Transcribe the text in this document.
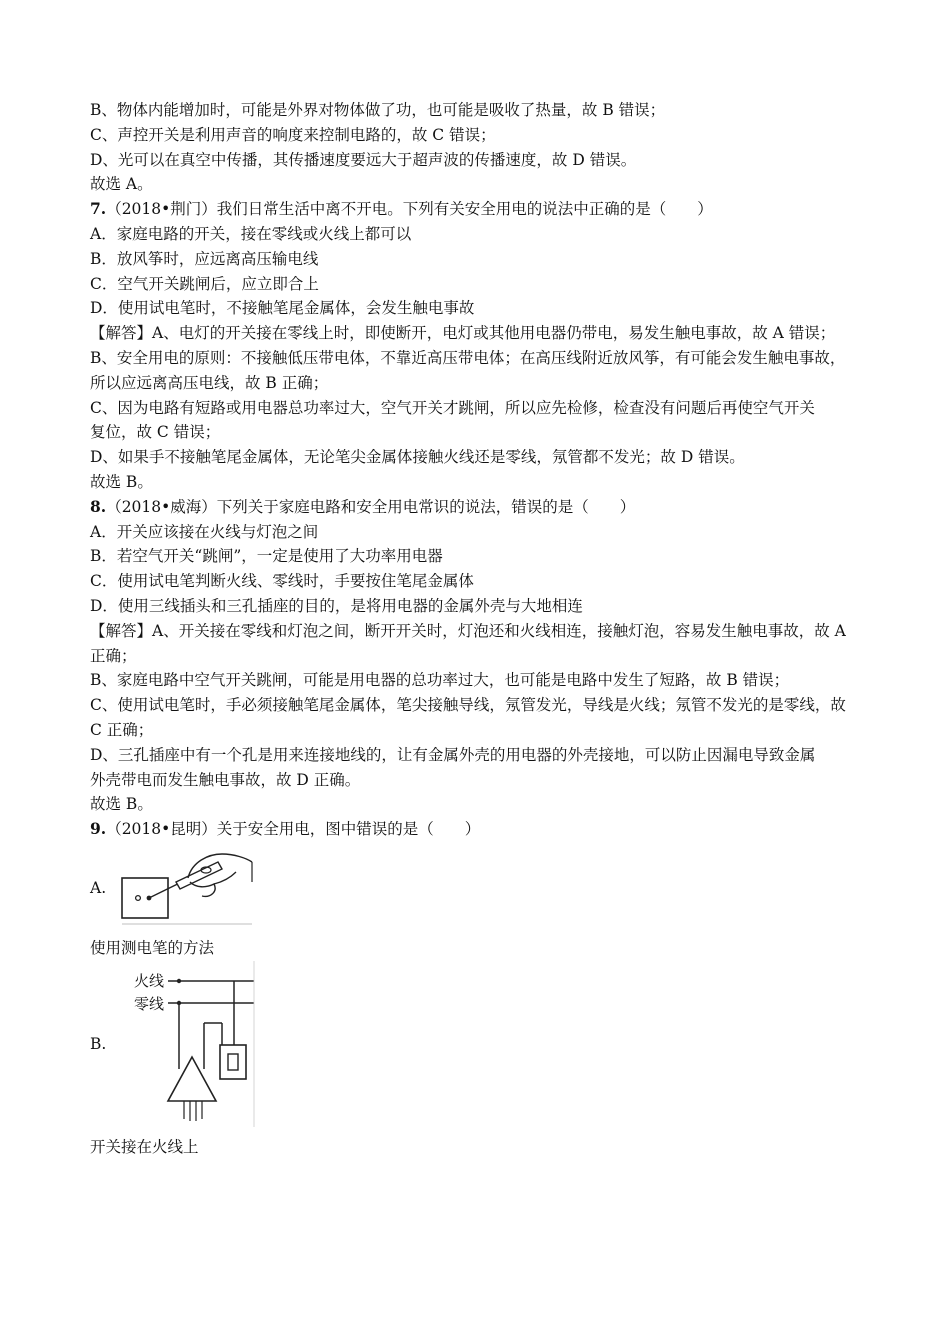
B、物体内能增加时，可能是外界对物体做了功，也可能是吸收了热量，故 B 错误；
C、声控开关是利用声音的响度来控制电路的，故 C 错误；
D、光可以在真空中传播，其传播速度要远大于超声波的传播速度，故 D 错误。
故选 A。
7.（2018•荆门）我们日常生活中离不开电。下列有关安全用电的说法中正确的是（　　）
A．家庭电路的开关，接在零线或火线上都可以
B．放风筝时，应远离高压输电线
C．空气开关跳闸后，应立即合上
D．使用试电笔时，不接触笔尾金属体，会发生触电事故
【解答】A、电灯的开关接在零线上时，即使断开，电灯或其他用电器仍带电，易发生触电事故，故 A 错误；
B、安全用电的原则：不接触低压带电体，不靠近高压带电体；在高压线附近放风筝，有可能会发生触电事故，
所以应远离高压电线，故 B 正确；
C、因为电路有短路或用电器总功率过大，空气开关才跳闸，所以应先检修，检查没有问题后再使空气开关
复位，故 C 错误；
D、如果手不接触笔尾金属体，无论笔尖金属体接触火线还是零线，氖管都不发光；故 D 错误。
故选 B。
8.（2018•威海）下列关于家庭电路和安全用电常识的说法，错误的是（　　）
A．开关应该接在火线与灯泡之间
B．若空气开关“跳闸”，一定是使用了大功率用电器
C．使用试电笔判断火线、零线时，手要按住笔尾金属体
D．使用三线插头和三孔插座的目的，是将用电器的金属外壳与大地相连
【解答】A、开关接在零线和灯泡之间，断开开关时，灯泡还和火线相连，接触灯泡，容易发生触电事故，故 A
正确；
B、家庭电路中空气开关跳闸，可能是用电器的总功率过大，也可能是电路中发生了短路，故 B 错误；
C、使用试电笔时，手必须接触笔尾金属体，笔尖接触导线，氖管发光，导线是火线；氖管不发光的是零线，故
C 正确；
D、三孔插座中有一个孔是用来连接地线的，让有金属外壳的用电器的外壳接地，可以防止因漏电导致金属
外壳带电而发生触电事故，故 D 正确。
故选 B。
9.（2018•昆明）关于安全用电，图中错误的是（　　）
A.
使用测电笔的方法
B.
火线
零线
开关接在火线上
